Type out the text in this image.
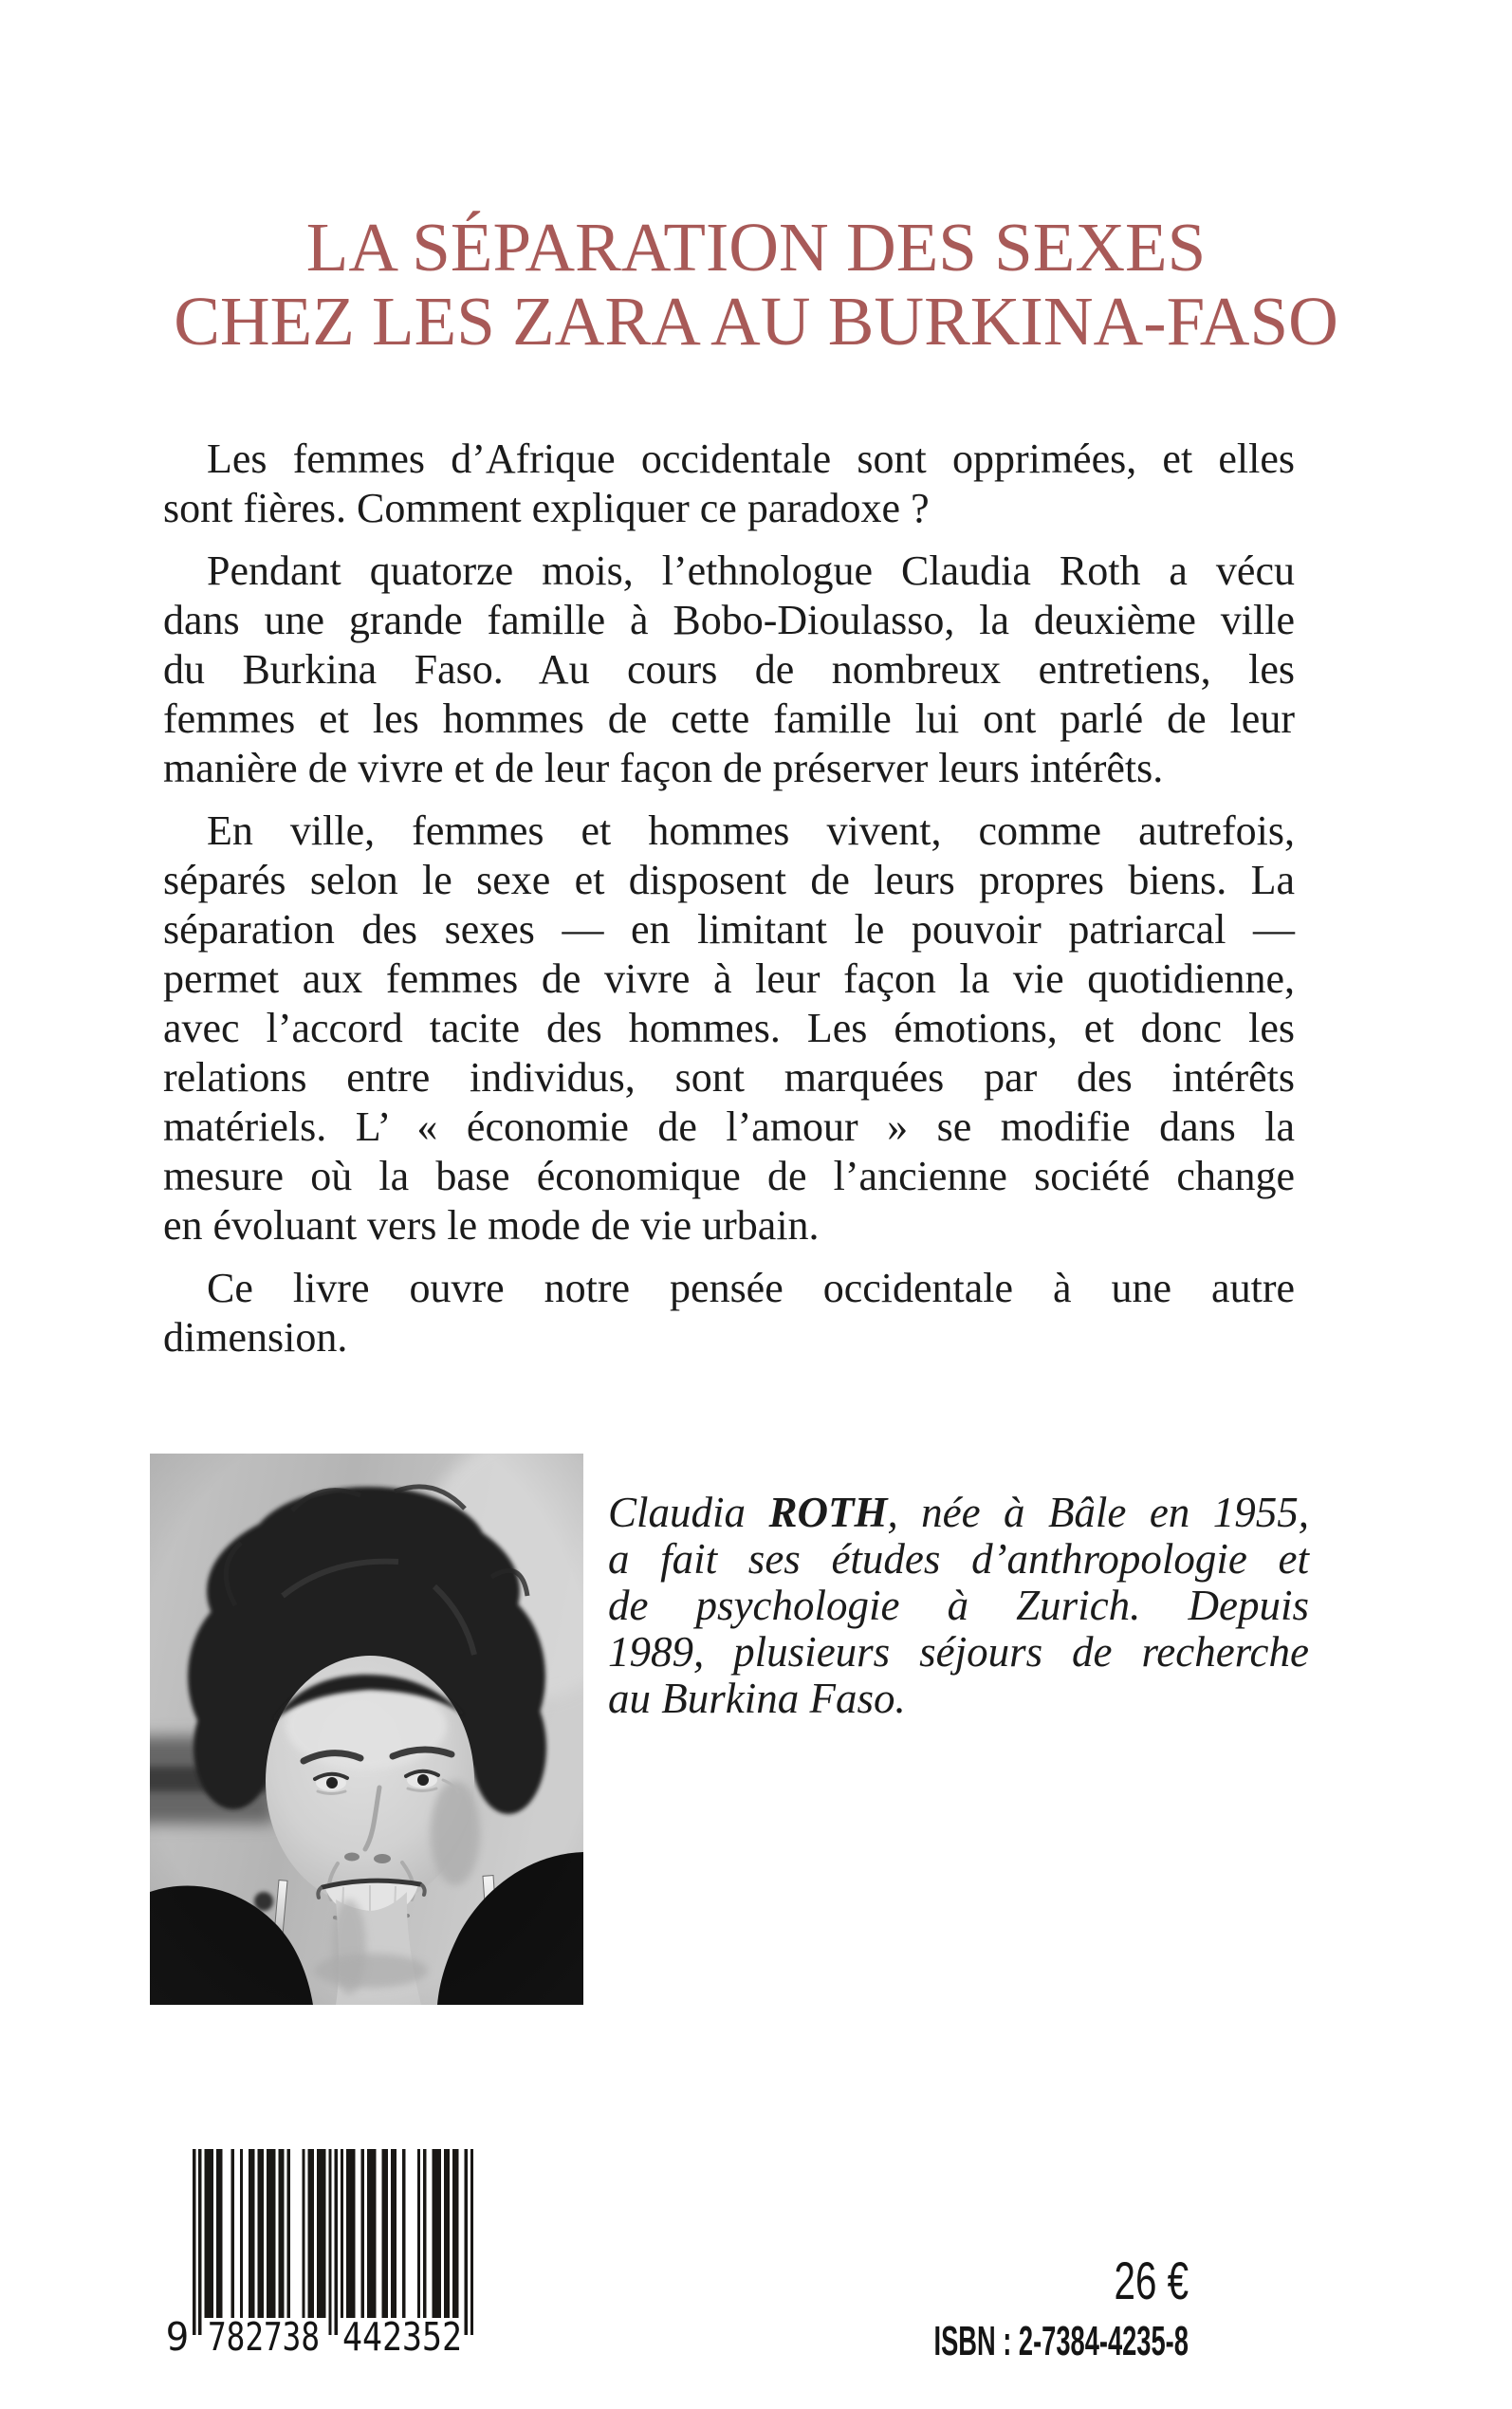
LA SÉPARATION DES SEXES
CHEZ LES ZARA AU BURKINA-FASO
Les femmes d’Afrique occidentale sont opprimées, et elles
sont fières. Comment expliquer ce paradoxe ?
Pendant quatorze mois, l’ethnologue Claudia Roth a vécu
dans une grande famille à Bobo-Dioulasso, la deuxième ville
du Burkina Faso. Au cours de nombreux entretiens, les
femmes et les hommes de cette famille lui ont parlé de leur
manière de vivre et de leur façon de préserver leurs intérêts.
En ville, femmes et hommes vivent, comme autrefois,
séparés selon le sexe et disposent de leurs propres biens. La
séparation des sexes — en limitant le pouvoir patriarcal —
permet aux femmes de vivre à leur façon la vie quotidienne,
avec l’accord tacite des hommes. Les émotions, et donc les
relations entre individus, sont marquées par des intérêts
matériels. L’ « économie de l’amour » se modifie dans la
mesure où la base économique de l’ancienne société change
en évoluant vers le mode de vie urbain.
Ce livre ouvre notre pensée occidentale à une autre
dimension.
Claudia ROTH, née à Bâle en 1955,
a fait ses études d’anthropologie et
de psychologie à Zurich. Depuis
1989, plusieurs séjours de recherche
au Burkina Faso.
9 782738 442352
26 €
ISBN : 2-7384-4235-8
